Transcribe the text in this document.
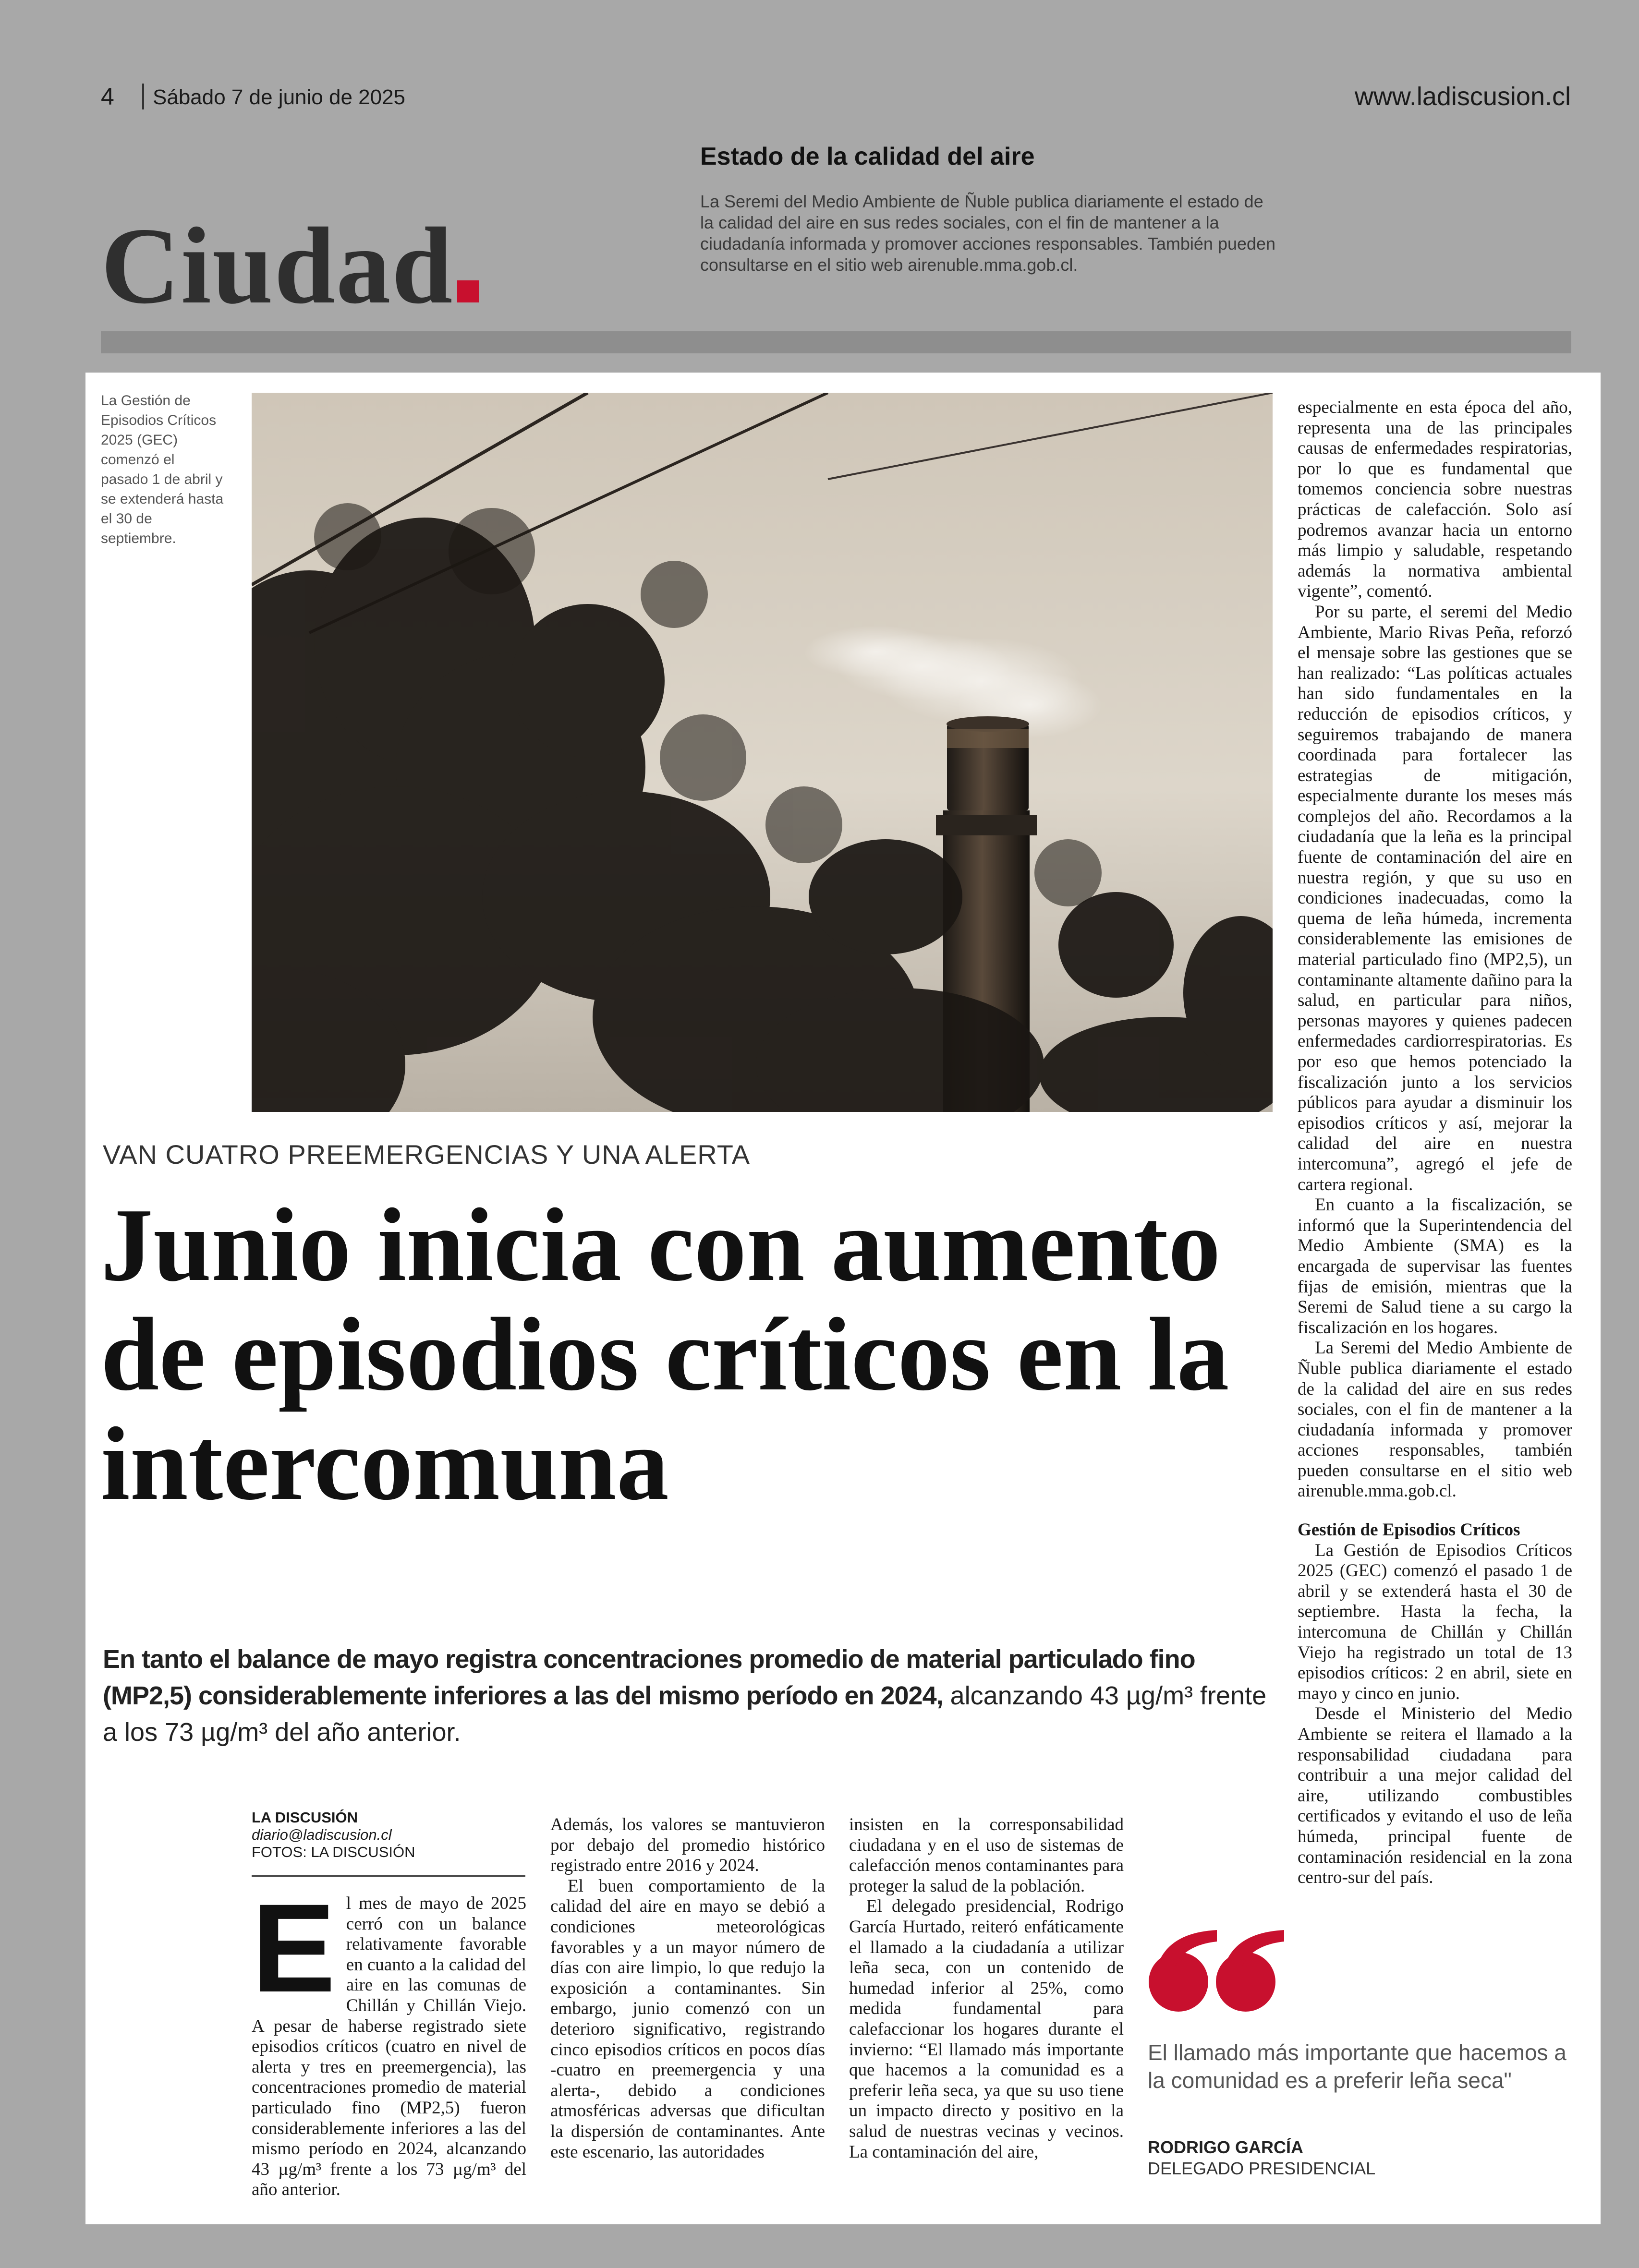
4 Sábado 7 de junio de 2025	www.ladiscusion.cl
Ciudad
Estado de la calidad del aire
La Seremi del Medio Ambiente de Ñuble publica diariamente el estado de la calidad del aire en sus redes sociales, con el fin de mantener a la ciudadanía informada y promover acciones responsables. También pueden consultarse en el sitio web airenuble.mma.gob.cl.
La Gestión de Episodios Críticos 2025 (GEC) comenzó el pasado 1 de abril y se extenderá hasta el 30 de septiembre.
VAN CUATRO PREEMERGENCIAS Y UNA ALERTA
Junio inicia con aumento de episodios críticos en la intercomuna
En tanto el balance de mayo registra concentraciones promedio de material particulado fino (MP2,5) considerablemente inferiores a las del mismo período en 2024, alcanzando 43 µg/m³ frente a los 73 µg/m³ del año anterior.
LA DISCUSIÓN
diario@ladiscusion.cl
FOTOS: LA DISCUSIÓN

El mes de mayo de 2025 cerró con un balance relativamente favorable en cuanto a la calidad del aire en las comunas de Chillán y Chillán Viejo. A pesar de haberse registrado siete episodios críticos (cuatro en nivel de alerta y tres en preemergencia), las concentraciones promedio de material particulado fino (MP2,5) fueron considerablemente inferiores a las del mismo período en 2024, alcanzando 43 µg/m³ frente a los 73 µg/m³ del año anterior.

Además, los valores se mantuvieron por debajo del promedio histórico registrado entre 2016 y 2024.

El buen comportamiento de la calidad del aire en mayo se debió a condiciones meteorológicas favorables y a un mayor número de días con aire limpio, lo que redujo la exposición a contaminantes. Sin embargo, junio comenzó con un deterioro significativo, registrando cinco episodios críticos en pocos días -cuatro en preemergencia y una alerta-, debido a condiciones atmosféricas adversas que dificultan la dispersión de contaminantes. Ante este escenario, las autoridades

insisten en la corresponsabilidad ciudadana y en el uso de sistemas de calefacción menos contaminantes para proteger la salud de la población.

El delegado presidencial, Rodrigo García Hurtado, reiteró enfáticamente el llamado a la ciudadanía a utilizar leña seca, con un contenido de humedad inferior al 25%, como medida fundamental para calefaccionar los hogares durante el invierno: “El llamado más importante que hacemos a la comunidad es a preferir leña seca, ya que su uso tiene un impacto directo y positivo en la salud de nuestras vecinas y vecinos. La contaminación del aire,

especialmente en esta época del año, representa una de las principales causas de enfermedades respiratorias, por lo que es fundamental que tomemos conciencia sobre nuestras prácticas de calefacción. Solo así podremos avanzar hacia un entorno más limpio y saludable, respetando además la normativa ambiental vigente”, comentó.

Por su parte, el seremi del Medio Ambiente, Mario Rivas Peña, reforzó el mensaje sobre las gestiones que se han realizado: “Las políticas actuales han sido fundamentales en la reducción de episodios críticos, y seguiremos trabajando de manera coordinada para fortalecer las estrategias de mitigación, especialmente durante los meses más complejos del año. Recordamos a la ciudadanía que la leña es la principal fuente de contaminación del aire en nuestra región, y que su uso en condiciones inadecuadas, como la quema de leña húmeda, incrementa considerablemente las emisiones de material particulado fino (MP2,5), un contaminante altamente dañino para la salud, en particular para niños, personas mayores y quienes padecen enfermedades cardiorrespiratorias. Es por eso que hemos potenciado la fiscalización junto a los servicios públicos para ayudar a disminuir los episodios críticos y así, mejorar la calidad del aire en nuestra intercomuna”, agregó el jefe de cartera regional.

En cuanto a la fiscalización, se informó que la Superintendencia del Medio Ambiente (SMA) es la encargada de supervisar las fuentes fijas de emisión, mientras que la Seremi de Salud tiene a su cargo la fiscalización en los hogares.

La Seremi del Medio Ambiente de Ñuble publica diariamente el estado de la calidad del aire en sus redes sociales, con el fin de mantener a la ciudadanía informada y promover acciones responsables, también pueden consultarse en el sitio web airenuble.mma.gob.cl.

Gestión de Episodios Críticos

La Gestión de Episodios Críticos 2025 (GEC) comenzó el pasado 1 de abril y se extenderá hasta el 30 de septiembre. Hasta la fecha, la intercomuna de Chillán y Chillán Viejo ha registrado un total de 13 episodios críticos: 2 en abril, siete en mayo y cinco en junio.

Desde el Ministerio del Medio Ambiente se reitera el llamado a la responsabilidad ciudadana para contribuir a una mejor calidad del aire, utilizando combustibles certificados y evitando el uso de leña húmeda, principal fuente de contaminación residencial en la zona centro-sur del país.

El llamado más importante que hacemos a la comunidad es a preferir leña seca"
RODRIGO GARCÍA
DELEGADO PRESIDENCIAL
